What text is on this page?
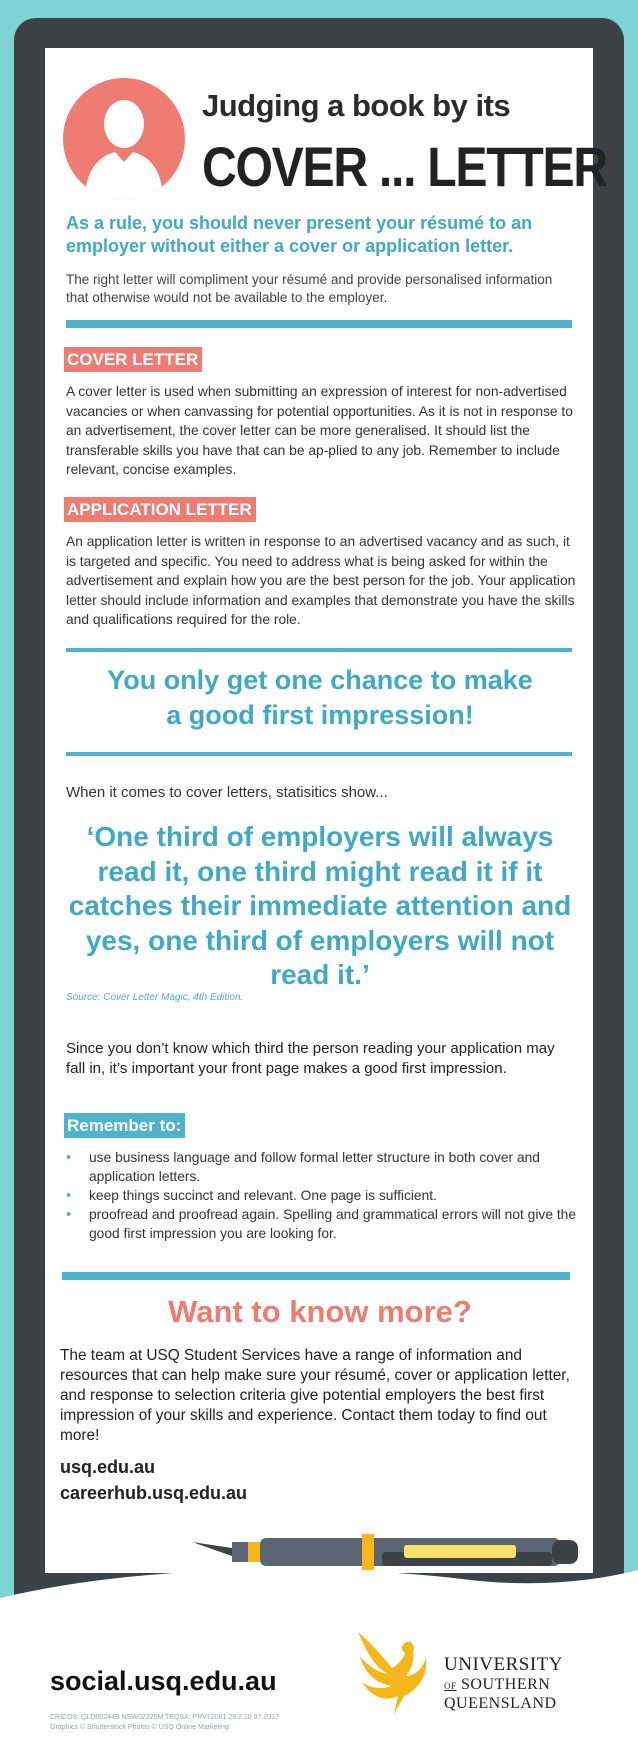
Judging a book by its
COVER ... LETTER
As a rule, you should never present your résumé to an employer without either a cover or application letter.
The right letter will compliment your résumé and provide personalised information that otherwise would not be available to the employer.
COVER LETTER
A cover letter is used when submitting an expression of interest for non-advertised vacancies or when canvassing for potential opportunities. As it is not in response to an advertisement, the cover letter can be more generalised. It should list the transferable skills you have that can be ap-plied to any job. Remember to include relevant, concise examples.
APPLICATION LETTER
An application letter is written in response to an advertised vacancy and as such, it is targeted and specific. You need to address what is being asked for within the advertisement and explain how you are the best person for the job. Your application letter should include information and examples that demonstrate you have the skills and qualifications required for the role.
You only get one chance to make
a good first impression!
When it comes to cover letters, statisitics show...
‘One third of employers will always read it, one third might read it if it catches their immediate attention and yes, one third of employers will not read it.’
Source: Cover Letter Magic, 4th Edition.
Since you don’t know which third the person reading your application may fall in, it’s important your front page makes a good first impression.
Remember to:
• use business language and follow formal letter structure in both cover and application letters.
• keep things succinct and relevant. One page is sufficient.
• proofread and proofread again. Spelling and grammatical errors will not give the good first impression you are looking for.
Want to know more?
The team at USQ Student Services have a range of information and resources that can help make sure your résumé, cover or application letter, and response to selection criteria give potential employers the best first impression of your skills and experience. Contact them today to find out more!
usq.edu.au
careerhub.usq.edu.au
social.usq.edu.au
CRICOS: QLD00244B NSW02225M TEQSA: PRV12081 29.2.10 07.2017
Graphics © Shutterstock Photos © USQ Online Marketing
UNIVERSITY
OF SOUTHERN
QUEENSLAND
